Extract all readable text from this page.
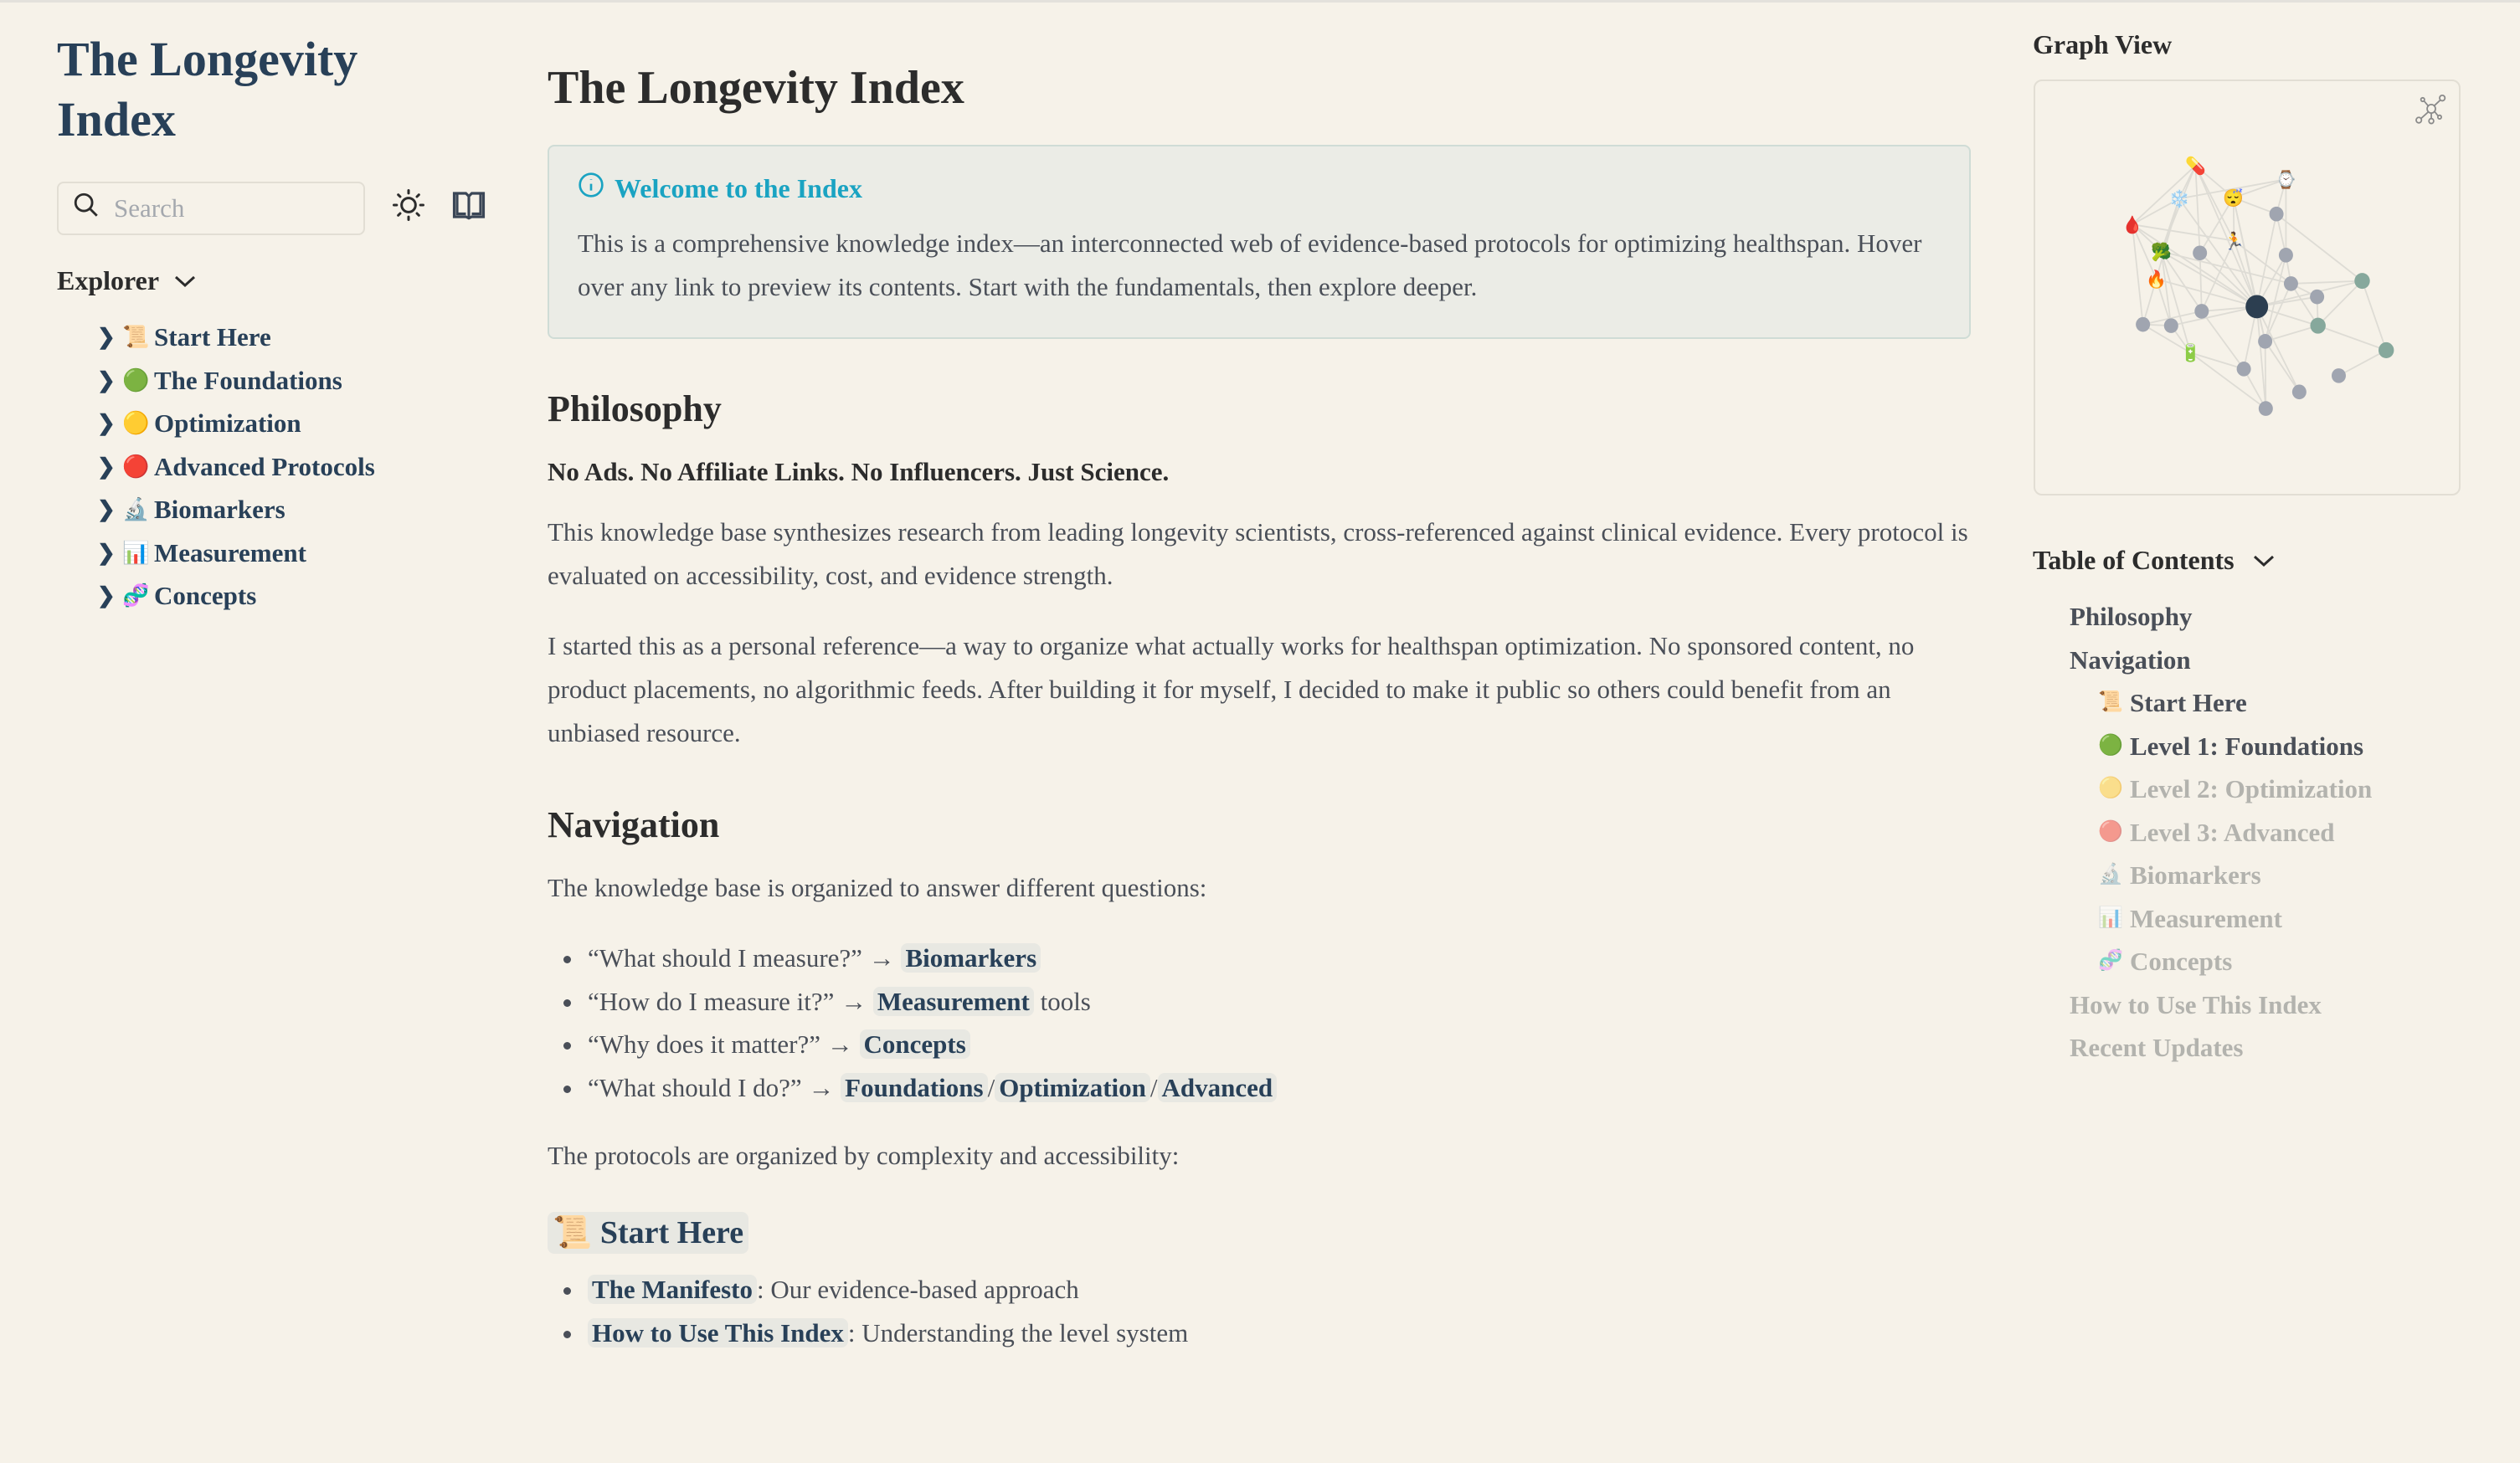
The Longevity Index
Search
Explorer
❯ 📜 Start Here
❯ 🟢 The Foundations
❯ 🟡 Optimization
❯ 🔴 Advanced Protocols
❯ 🔬 Biomarkers
❯ 📊 Measurement
❯ 🧬 Concepts
The Longevity Index
Welcome to the Index
This is a comprehensive knowledge index—an interconnected web of evidence-based protocols for optimizing healthspan. Hover over any link to preview its contents. Start with the fundamentals, then explore deeper.
Philosophy

No Ads. No Affiliate Links. No Influencers. Just Science.

This knowledge base synthesizes research from leading longevity scientists, cross-referenced against clinical evidence. Every protocol is evaluated on accessibility, cost, and evidence strength.

I started this as a personal reference—a way to organize what actually works for healthspan optimization. No sponsored content, no product placements, no algorithmic feeds. After building it for myself, I decided to make it public so others could benefit from an unbiased resource.

Navigation

The knowledge base is organized to answer different questions:

• “What should I measure?” → Biomarkers
• “How do I measure it?” → Measurement tools
• “Why does it matter?” → Concepts
• “What should I do?” → Foundations / Optimization / Advanced

The protocols are organized by complexity and accessibility:

📜 Start Here
• The Manifesto : Our evidence-based approach
• How to Use This Index : Understanding the level system
Graph View
💊
⌚
❄️ 😴
🩸
🏃
🥦
🔥
🔋
Table of Contents
Philosophy
Navigation
📜 Start Here
🟢 Level 1: Foundations
🟡 Level 2: Optimization
🔴 Level 3: Advanced
🔬 Biomarkers
📊 Measurement
🧬 Concepts
How to Use This Index
Recent Updates
